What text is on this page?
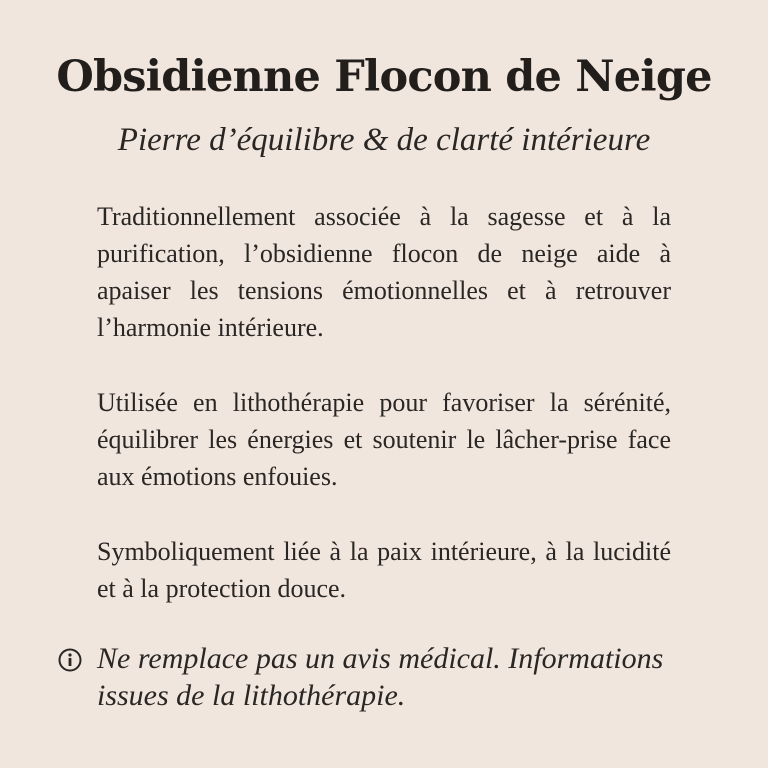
Obsidienne Flocon de Neige

Pierre d’équilibre & de clarté intérieure

Traditionnellement associée à la sagesse et à la purification, l’obsidienne flocon de neige aide à apaiser les tensions émotionnelles et à retrouver l’harmonie intérieure.

Utilisée en lithothérapie pour favoriser la sérénité, équilibrer les énergies et soutenir le lâcher-prise face aux émotions enfouies.

Symboliquement liée à la paix intérieure, à la lucidité et à la protection douce.

Ne remplace pas un avis médical. Informations issues de la lithothérapie.
